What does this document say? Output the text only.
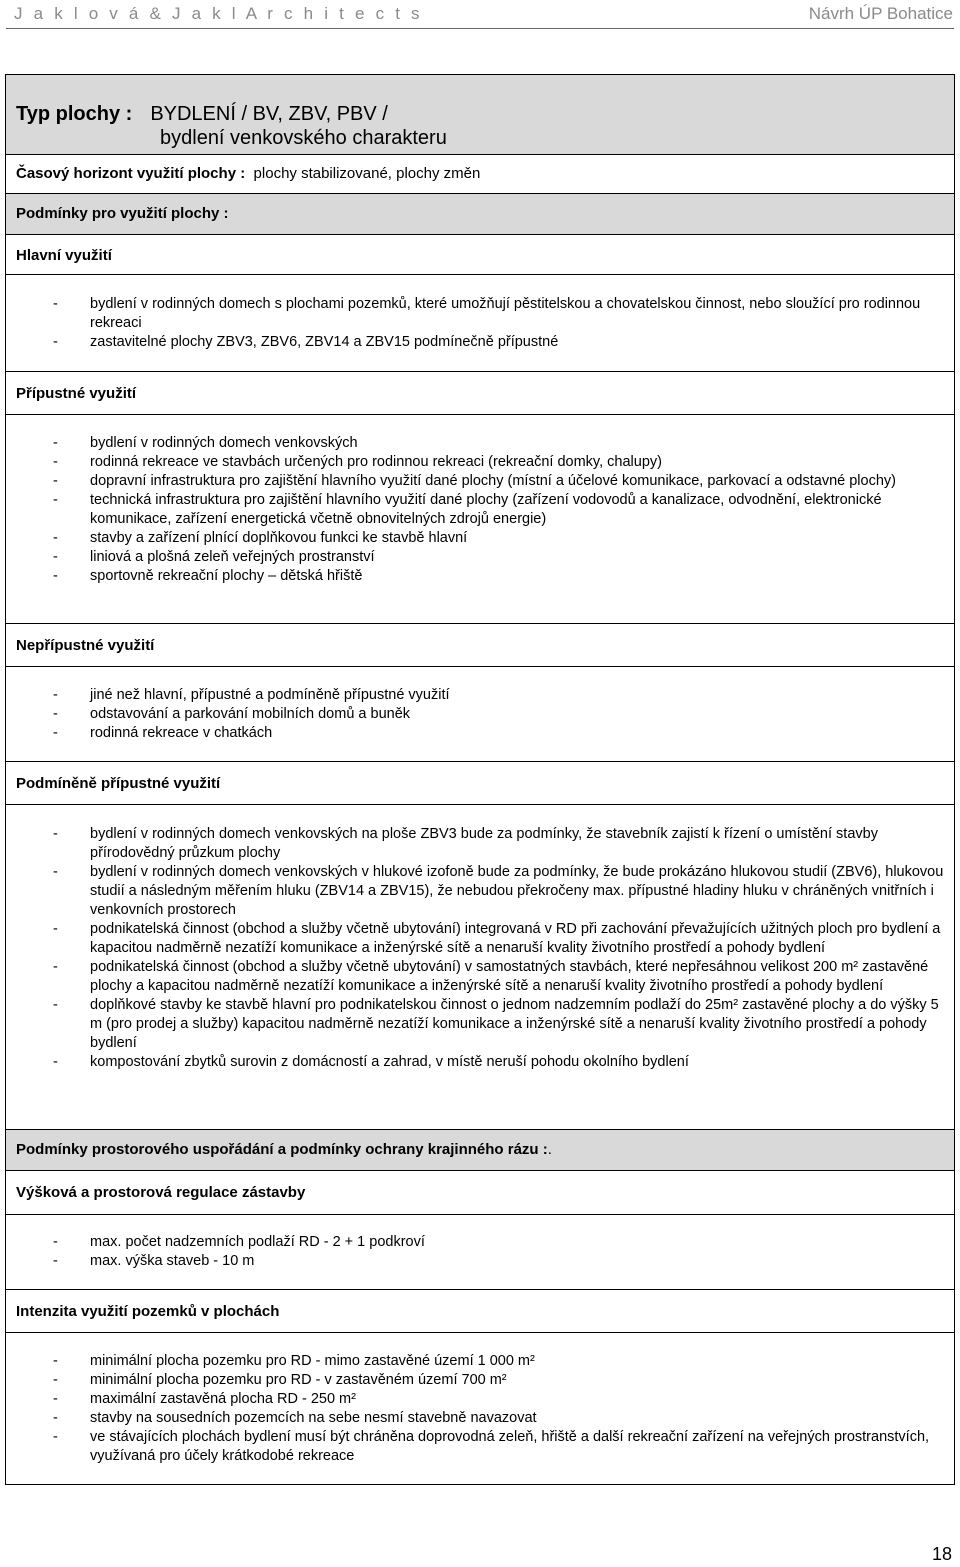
J a k l o v á & J a k l A r c h i t e c t s	Návrh ÚP Bohatice
Typ plochy : BYDLENÍ / BV, ZBV, PBV /
bydlení venkovského charakteru
Časový horizont využití plochy : plochy stabilizované, plochy změn
Podmínky pro využití plochy :
Hlavní využití
- bydlení v rodinných domech s plochami pozemků, které umožňují pěstitelskou a chovatelskou činnost, nebo sloužící pro rodinnou rekreaci
- zastavitelné plochy ZBV3, ZBV6, ZBV14 a ZBV15 podmínečně přípustné
Přípustné využití
- bydlení v rodinných domech venkovských
- rodinná rekreace ve stavbách určených pro rodinnou rekreaci (rekreační domky, chalupy)
- dopravní infrastruktura pro zajištění hlavního využití dané plochy (místní a účelové komunikace, parkovací a odstavné plochy)
- technická infrastruktura pro zajištění hlavního využití dané plochy (zařízení vodovodů a kanalizace, odvodnění, elektronické komunikace, zařízení energetická včetně obnovitelných zdrojů energie)
- stavby a zařízení plnící doplňkovou funkci ke stavbě hlavní
- liniová a plošná zeleň veřejných prostranství
- sportovně rekreační plochy – dětská hřiště
Nepřípustné využití
- jiné než hlavní, přípustné a podmíněně přípustné využití
- odstavování a parkování mobilních domů a buněk
- rodinná rekreace v chatkách
Podmíněně přípustné využití
- bydlení v rodinných domech venkovských na ploše ZBV3 bude za podmínky, že stavebník zajistí k řízení o umístění stavby přírodovědný průzkum plochy
- bydlení v rodinných domech venkovských v hlukové izofoně bude za podmínky, že bude prokázáno hlukovou studií (ZBV6), hlukovou studií a následným měřením hluku (ZBV14 a ZBV15), že nebudou překročeny max. přípustné hladiny hluku v chráněných vnitřních i venkovních prostorech
- podnikatelská činnost (obchod a služby včetně ubytování) integrovaná v RD při zachování převažujících užitných ploch pro bydlení a kapacitou nadměrně nezatíží komunikace a inženýrské sítě a nenaruší kvality životního prostředí a pohody bydlení
- podnikatelská činnost (obchod a služby včetně ubytování) v samostatných stavbách, které nepřesáhnou velikost 200 m² zastavěné plochy a kapacitou nadměrně nezatíží komunikace a inženýrské sítě a nenaruší kvality životního prostředí a pohody bydlení
- doplňkové stavby ke stavbě hlavní pro podnikatelskou činnost o jednom nadzemním podlaží do 25m² zastavěné plochy a do výšky 5 m (pro prodej a služby) kapacitou nadměrně nezatíží komunikace a inženýrské sítě a nenaruší kvality životního prostředí a pohody bydlení
- kompostování zbytků surovin z domácností a zahrad, v místě neruší pohodu okolního bydlení
Podmínky prostorového uspořádání a podmínky ochrany krajinného rázu :.
Výšková a prostorová regulace zástavby
- max. počet nadzemních podlaží RD - 2 + 1 podkroví
- max. výška staveb - 10 m
Intenzita využití pozemků v plochách
- minimální plocha pozemku pro RD - mimo zastavěné území 1 000 m²
- minimální plocha pozemku pro RD - v zastavěném území 700 m²
- maximální zastavěná plocha RD - 250 m²
- stavby na sousedních pozemcích na sebe nesmí stavebně navazovat
- ve stávajících plochách bydlení musí být chráněna doprovodná zeleň, hřiště a další rekreační zařízení na veřejných prostranstvích, využívaná pro účely krátkodobé rekreace
18
